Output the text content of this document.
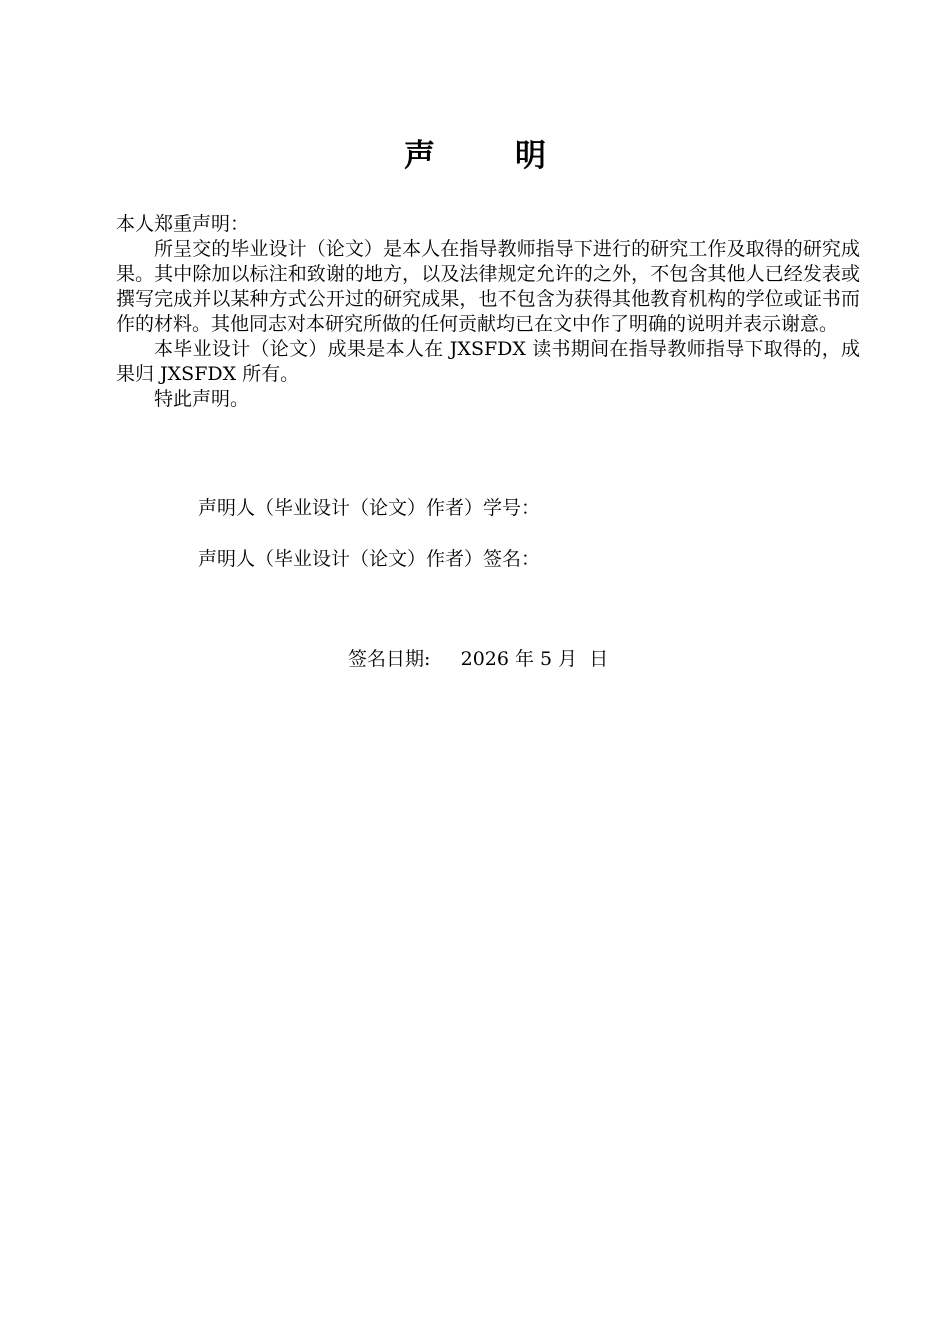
声	明

本人郑重声明：

所呈交的毕业设计（论文）是本人在指导教师指导下进行的研究工作及取得的研究成果。其中除加以标注和致谢的地方，以及法律规定允许的之外，不包含其他人已经发表或撰写完成并以某种方式公开过的研究成果，也不包含为获得其他教育机构的学位或证书而作的材料。其他同志对本研究所做的任何贡献均已在文中作了明确的说明并表示谢意。

本毕业设计（论文）成果是本人在 JXSFDX 读书期间在指导教师指导下取得的，成果归 JXSFDX 所有。

特此声明。

声明人（毕业设计（论文）作者）学号：
声明人（毕业设计（论文）作者）签名：
签名日期: 2026 年 5 月  日
